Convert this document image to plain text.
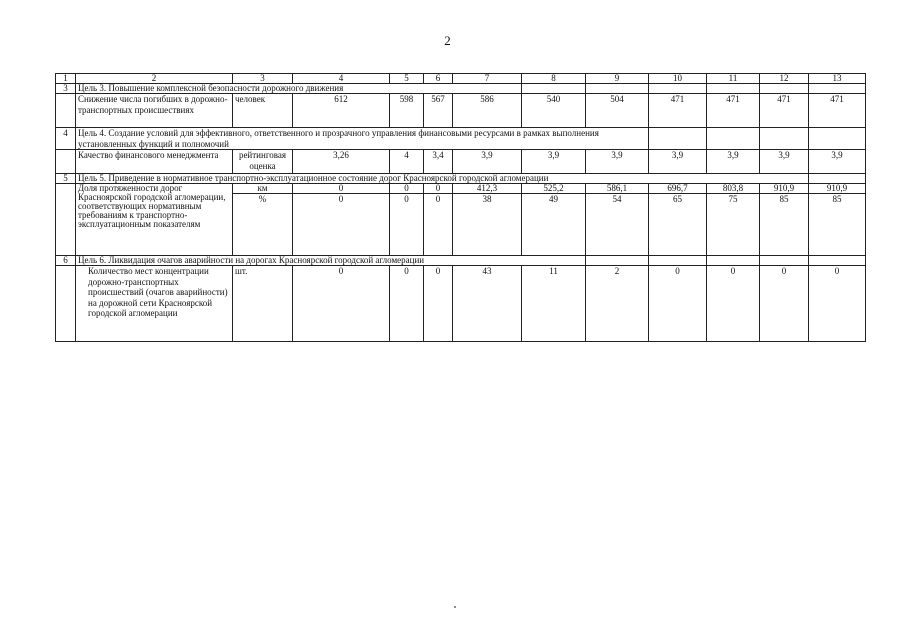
2
1	2	3	4	5	6	7	8	9	10	11	12	13
3	Цель 3. Повышение комплексной безопасности дорожного движения											
	Снижение числа погибших в дорожно-транспортных происшествиях	человек	612	598	567	586	540	504	471	471	471	471
4	Цель 4. Создание условий для эффективного, ответственного и прозрачного управления финансовыми ресурсами в рамках выполнения установленных функций и полномочий											
	Качество финансового менеджмента	рейтинговая оценка	3,26	4	3,4	3,9	3,9	3,9	3,9	3,9	3,9	3,9
5	Цель 5. Приведение в нормативное транспортно-эксплуатационное состояние дорог Красноярской городской агломерации											
	Доля протяженности дорог Красноярской городской агломерации, соответствующих нормативным требованиям к транспортно-эксплуатационным показателям	км	0	0	0	412,3	525,2	586,1	696,7	803,8	910,9	910,9
		%	0	0	0	38	49	54	65	75	85	85
6	Цель 6. Ликвидация очагов аварийности на дорогах Красноярской городской агломерации											
	Количество мест концентрации дорожно-транспортных происшествий (очагов аварийности) на дорожной сети Красноярской городской агломерации	шт.	0	0	0	43	11	2	0	0	0	0
